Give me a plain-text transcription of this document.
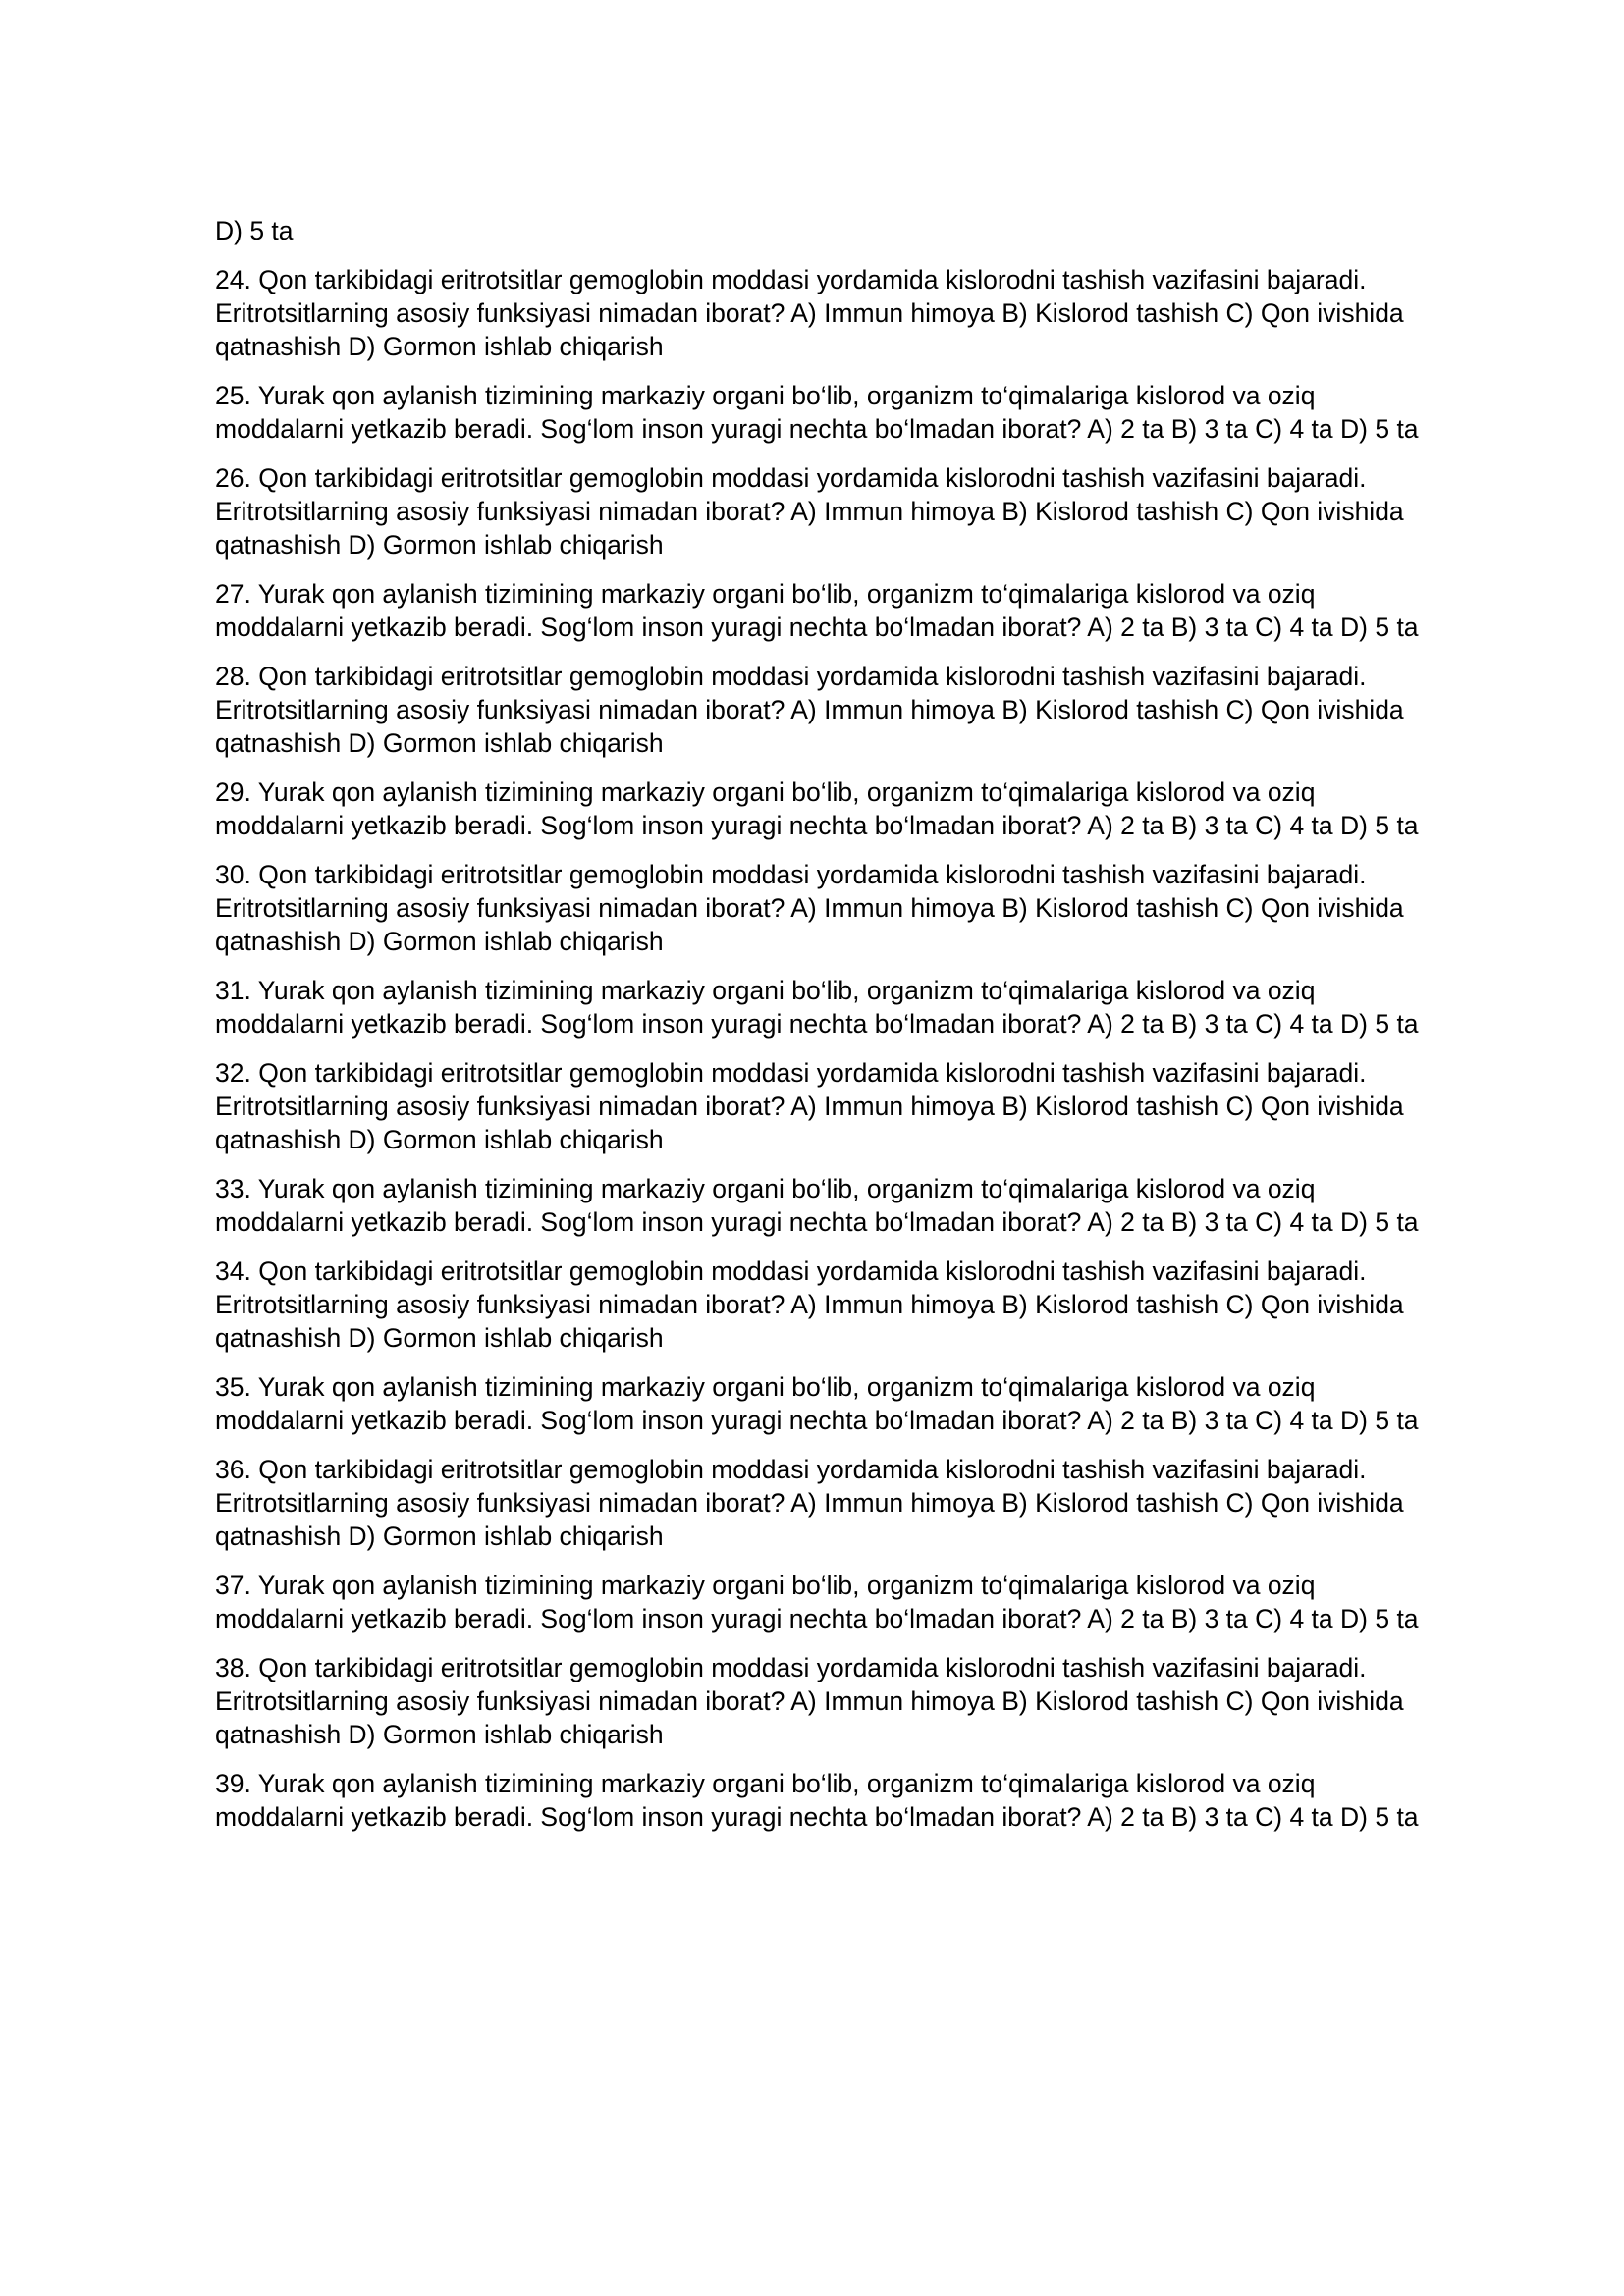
D) 5 ta

24. Qon tarkibidagi eritrotsitlar gemoglobin moddasi yordamida kislorodni tashish vazifasini bajaradi. Eritrotsitlarning asosiy funksiyasi nimadan iborat? A) Immun himoya B) Kislorod tashish C) Qon ivishida qatnashish D) Gormon ishlab chiqarish

25. Yurak qon aylanish tizimining markaziy organi bo‘lib, organizm to‘qimalariga kislorod va oziq moddalarni yetkazib beradi. Sog‘lom inson yuragi nechta bo‘lmadan iborat? A) 2 ta B) 3 ta C) 4 ta D) 5 ta

26. Qon tarkibidagi eritrotsitlar gemoglobin moddasi yordamida kislorodni tashish vazifasini bajaradi. Eritrotsitlarning asosiy funksiyasi nimadan iborat? A) Immun himoya B) Kislorod tashish C) Qon ivishida qatnashish D) Gormon ishlab chiqarish

27. Yurak qon aylanish tizimining markaziy organi bo‘lib, organizm to‘qimalariga kislorod va oziq moddalarni yetkazib beradi. Sog‘lom inson yuragi nechta bo‘lmadan iborat? A) 2 ta B) 3 ta C) 4 ta D) 5 ta

28. Qon tarkibidagi eritrotsitlar gemoglobin moddasi yordamida kislorodni tashish vazifasini bajaradi. Eritrotsitlarning asosiy funksiyasi nimadan iborat? A) Immun himoya B) Kislorod tashish C) Qon ivishida qatnashish D) Gormon ishlab chiqarish

29. Yurak qon aylanish tizimining markaziy organi bo‘lib, organizm to‘qimalariga kislorod va oziq moddalarni yetkazib beradi. Sog‘lom inson yuragi nechta bo‘lmadan iborat? A) 2 ta B) 3 ta C) 4 ta D) 5 ta

30. Qon tarkibidagi eritrotsitlar gemoglobin moddasi yordamida kislorodni tashish vazifasini bajaradi. Eritrotsitlarning asosiy funksiyasi nimadan iborat? A) Immun himoya B) Kislorod tashish C) Qon ivishida qatnashish D) Gormon ishlab chiqarish

31. Yurak qon aylanish tizimining markaziy organi bo‘lib, organizm to‘qimalariga kislorod va oziq moddalarni yetkazib beradi. Sog‘lom inson yuragi nechta bo‘lmadan iborat? A) 2 ta B) 3 ta C) 4 ta D) 5 ta

32. Qon tarkibidagi eritrotsitlar gemoglobin moddasi yordamida kislorodni tashish vazifasini bajaradi. Eritrotsitlarning asosiy funksiyasi nimadan iborat? A) Immun himoya B) Kislorod tashish C) Qon ivishida qatnashish D) Gormon ishlab chiqarish

33. Yurak qon aylanish tizimining markaziy organi bo‘lib, organizm to‘qimalariga kislorod va oziq moddalarni yetkazib beradi. Sog‘lom inson yuragi nechta bo‘lmadan iborat? A) 2 ta B) 3 ta C) 4 ta D) 5 ta

34. Qon tarkibidagi eritrotsitlar gemoglobin moddasi yordamida kislorodni tashish vazifasini bajaradi. Eritrotsitlarning asosiy funksiyasi nimadan iborat? A) Immun himoya B) Kislorod tashish C) Qon ivishida qatnashish D) Gormon ishlab chiqarish

35. Yurak qon aylanish tizimining markaziy organi bo‘lib, organizm to‘qimalariga kislorod va oziq moddalarni yetkazib beradi. Sog‘lom inson yuragi nechta bo‘lmadan iborat? A) 2 ta B) 3 ta C) 4 ta D) 5 ta

36. Qon tarkibidagi eritrotsitlar gemoglobin moddasi yordamida kislorodni tashish vazifasini bajaradi. Eritrotsitlarning asosiy funksiyasi nimadan iborat? A) Immun himoya B) Kislorod tashish C) Qon ivishida qatnashish D) Gormon ishlab chiqarish

37. Yurak qon aylanish tizimining markaziy organi bo‘lib, organizm to‘qimalariga kislorod va oziq moddalarni yetkazib beradi. Sog‘lom inson yuragi nechta bo‘lmadan iborat? A) 2 ta B) 3 ta C) 4 ta D) 5 ta

38. Qon tarkibidagi eritrotsitlar gemoglobin moddasi yordamida kislorodni tashish vazifasini bajaradi. Eritrotsitlarning asosiy funksiyasi nimadan iborat? A) Immun himoya B) Kislorod tashish C) Qon ivishida qatnashish D) Gormon ishlab chiqarish

39. Yurak qon aylanish tizimining markaziy organi bo‘lib, organizm to‘qimalariga kislorod va oziq moddalarni yetkazib beradi. Sog‘lom inson yuragi nechta bo‘lmadan iborat? A) 2 ta B) 3 ta C) 4 ta D) 5 ta
